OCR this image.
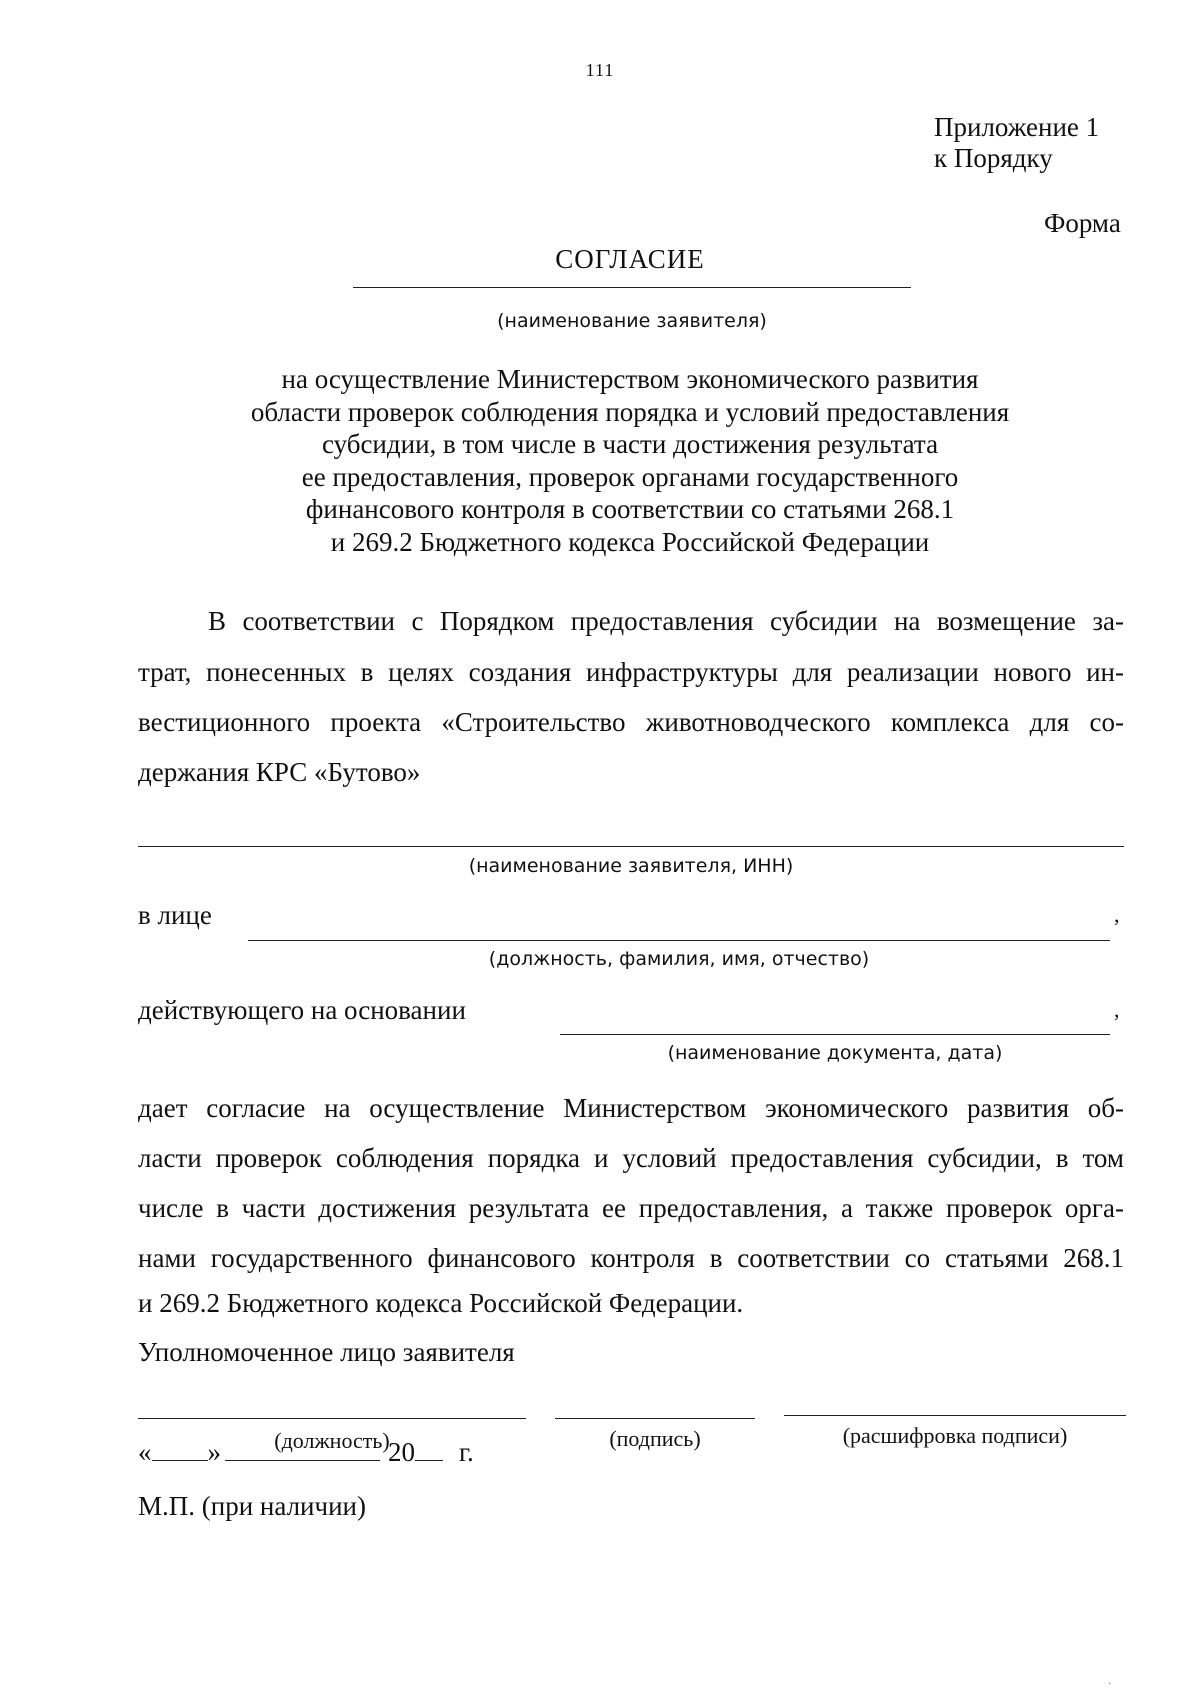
111

Приложение 1
к Порядку

Форма

СОГЛАСИЕ
(наименование заявителя)
на осуществление Министерством экономического развития
области проверок соблюдения порядка и условий предоставления
субсидии, в том числе в части достижения результата
ее предоставления, проверок органами государственного
финансового контроля в соответствии со статьями 268.1
и 269.2 Бюджетного кодекса Российской Федерации
В соответствии с Порядком предоставления субсидии на возмещение за-
трат, понесенных в целях создания инфраструктуры для реализации нового ин-
вестиционного проекта «Строительство животноводческого комплекса для со-
держания КРС «Бутово»
(наименование заявителя, ИНН)
в лице	,
(должность, фамилия, имя, отчество)
действующего на основании	,
(наименование документа, дата)
дает согласие на осуществление Министерством экономического развития об-
ласти проверок соблюдения порядка и условий предоставления субсидии, в том
числе в части достижения результата ее предоставления, а также проверок орга-
нами государственного финансового контроля в соответствии со статьями 268.1
и 269.2 Бюджетного кодекса Российской Федерации.
Уполномоченное лицо заявителя
(должность)	(подпись)	(расшифровка подписи)
« »	20 г.
М.П. (при наличии)
.
